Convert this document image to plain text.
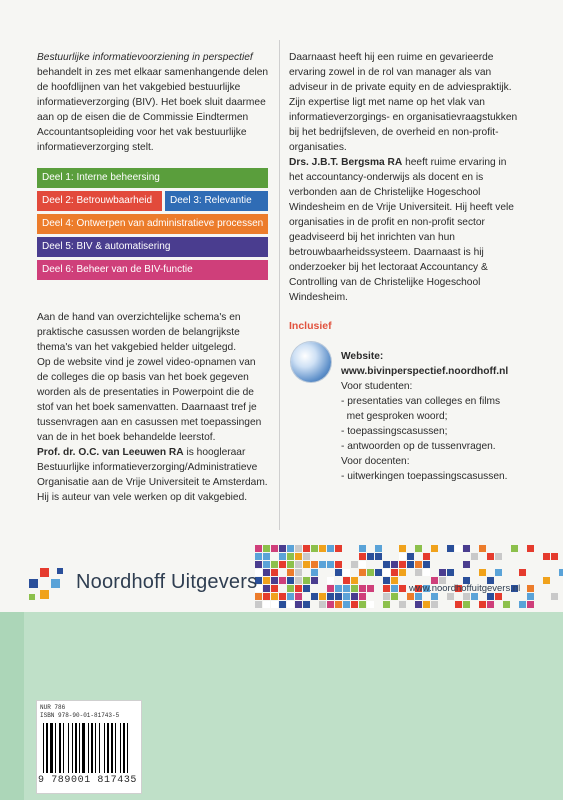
Bestuurlijke informatievoorziening in perspectief behandelt in zes met elkaar samenhangende delen de hoofdlijnen van het vakgebied bestuurlijke informatieverzorging (BIV). Het boek sluit daarmee aan op de eisen die de Commissie Eindtermen Accountantsopleiding voor het vak bestuurlijke informatieverzorging stelt.

Deel 1: Interne beheersing
Deel 2: Betrouwbaarheid	Deel 3: Relevantie
Deel 4: Ontwerpen van administratieve processen
Deel 5: BIV & automatisering
Deel 6: Beheer van de BIV-functie

Aan de hand van overzichtelijke schema's en praktische casussen worden de belangrijkste thema's van het vakgebied helder uitgelegd.

Op de website vind je zowel video-opnamen van de colleges die op basis van het boek gegeven worden als de presentaties in Powerpoint die de stof van het boek samenvatten. Daarnaast tref je tussenvragen aan en casussen met toepassingen van de in het boek behandelde leerstof.

Prof. dr. O.C. van Leeuwen RA is hoogleraar Bestuurlijke informatieverzorging/Administratieve Organisatie aan de Vrije Universiteit te Amsterdam. Hij is auteur van vele werken op dit vakgebied.

Daarnaast heeft hij een ruime en gevarieerde ervaring zowel in de rol van manager als van adviseur in de private equity en de adviespraktijk. Zijn expertise ligt met name op het vlak van informatieverzorgings- en organisatievraagstukken bij het bedrijfsleven, de overheid en non-profit-organisaties.

Drs. J.B.T. Bergsma RA heeft ruime ervaring in het accountancy-onderwijs als docent en is verbonden aan de Christelijke Hogeschool Windesheim en de Vrije Universiteit. Hij heeft vele organisaties in de profit en non-profit sector geadviseerd bij het inrichten van hun betrouwbaarheidssysteem. Daarnaast is hij onderzoeker bij het lectoraat Accountancy & Controlling van de Christelijke Hogeschool Windesheim.

Inclusief
Website:
www.bivinperspectief.noordhoff.nl
Voor studenten:
- presentaties van colleges en films
met gesproken woord;
- toepassingscasussen;
- antwoorden op de tussenvragen.
Voor docenten:
- uitwerkingen toepassingscasussen.
Noordhoff Uitgevers	www.noordhoffuitgevers.nl
NUR 786
ISBN 978-90-01-81743-5
9 789001 817435
